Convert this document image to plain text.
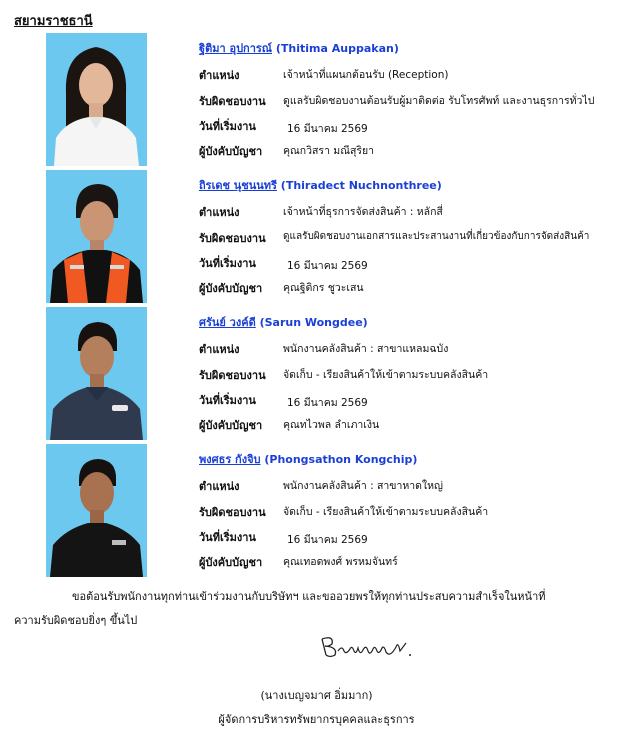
สยามราชธานี
ฐิติมา อุปการณ์ (Thitima Auppakan)
ตำแหน่ง	เจ้าหน้าที่แผนกต้อนรับ (Reception)
รับผิดชอบงาน	ดูแลรับผิดชอบงานต้อนรับผู้มาติดต่อ รับโทรศัพท์ และงานธุรการทั่วไป
วันที่เริ่มงาน	16 มีนาคม 2569
ผู้บังคับบัญชา	คุณกวิสรา มณีสุริยา
ถิรเดช นุชนนทรี (Thiradect Nuchnonthree)
ตำแหน่ง	เจ้าหน้าที่ธุรการจัดส่งสินค้า : หลักสี่
รับผิดชอบงาน	ดูแลรับผิดชอบงานเอกสารและประสานงานที่เกี่ยวข้องกับการจัดส่งสินค้า
วันที่เริ่มงาน	16 มีนาคม 2569
ผู้บังคับบัญชา	คุณฐิติกร ชูวะเสน
ศรันย์ วงค์ดี (Sarun Wongdee)
ตำแหน่ง	พนักงานคลังสินค้า : สาขาแหลมฉบัง
รับผิดชอบงาน	จัดเก็บ - เรียงสินค้าให้เข้าตามระบบคลังสินค้า
วันที่เริ่มงาน	16 มีนาคม 2569
ผู้บังคับบัญชา	คุณทไวพล ลำเภาเงิน
พงศธร กังจิบ (Phongsathon Kongchip)
ตำแหน่ง	พนักงานคลังสินค้า : สาขาหาดใหญ่
รับผิดชอบงาน	จัดเก็บ - เรียงสินค้าให้เข้าตามระบบคลังสินค้า
วันที่เริ่มงาน	16 มีนาคม 2569
ผู้บังคับบัญชา	คุณเทอดพงศ์ พรหมจันทร์
ขอต้อนรับพนักงานทุกท่านเข้าร่วมงานกับบริษัทฯ และขออวยพรให้ทุกท่านประสบความสำเร็จในหน้าที่
ความรับผิดชอบยิ่งๆ ขึ้นไป
(นางเบญจมาศ อิ่มมาก)
ผู้จัดการบริหารทรัพยากรบุคคลและธุรการ
